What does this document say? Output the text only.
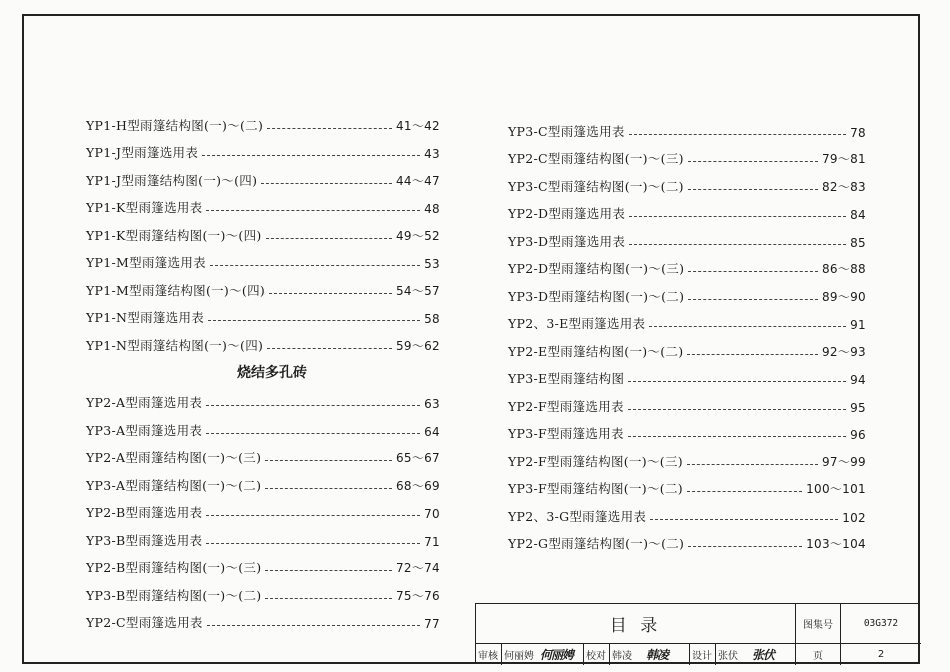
YP1-H型雨篷结构图(一)～(二)	41～42
YP1-J型雨篷选用表	43
YP1-J型雨篷结构图(一)～(四)	44～47
YP1-K型雨篷选用表	48
YP1-K型雨篷结构图(一)～(四)	49～52
YP1-M型雨篷选用表	53
YP1-M型雨篷结构图(一)～(四)	54～57
YP1-N型雨篷选用表	58
YP1-N型雨篷结构图(一)～(四)	59～62
烧结多孔砖
YP2-A型雨篷选用表	63
YP3-A型雨篷选用表	64
YP2-A型雨篷结构图(一)～(三)	65～67
YP3-A型雨篷结构图(一)～(二)	68～69
YP2-B型雨篷选用表	70
YP3-B型雨篷选用表	71
YP2-B型雨篷结构图(一)～(三)	72～74
YP3-B型雨篷结构图(一)～(二)	75～76
YP2-C型雨篷选用表	77
YP3-C型雨篷选用表	78
YP2-C型雨篷结构图(一)～(三)	79～81
YP3-C型雨篷结构图(一)～(二)	82～83
YP2-D型雨篷选用表	84
YP3-D型雨篷选用表	85
YP2-D型雨篷结构图(一)～(三)	86～88
YP3-D型雨篷结构图(一)～(二)	89～90
YP2、3-E型雨篷选用表	91
YP2-E型雨篷结构图(一)～(二)	92～93
YP3-E型雨篷结构图	94
YP2-F型雨篷选用表	95
YP3-F型雨篷选用表	96
YP2-F型雨篷结构图(一)～(三)	97～99
YP3-F型雨篷结构图(一)～(二)	100～101
YP2、3-G型雨篷选用表	102
YP2-G型雨篷结构图(一)～(二)	103～104
目 录	图集号	03G372
页	2
审核 何丽娉 何丽娉 校对 韩凌	韩凌 设计 张伏	张伏
